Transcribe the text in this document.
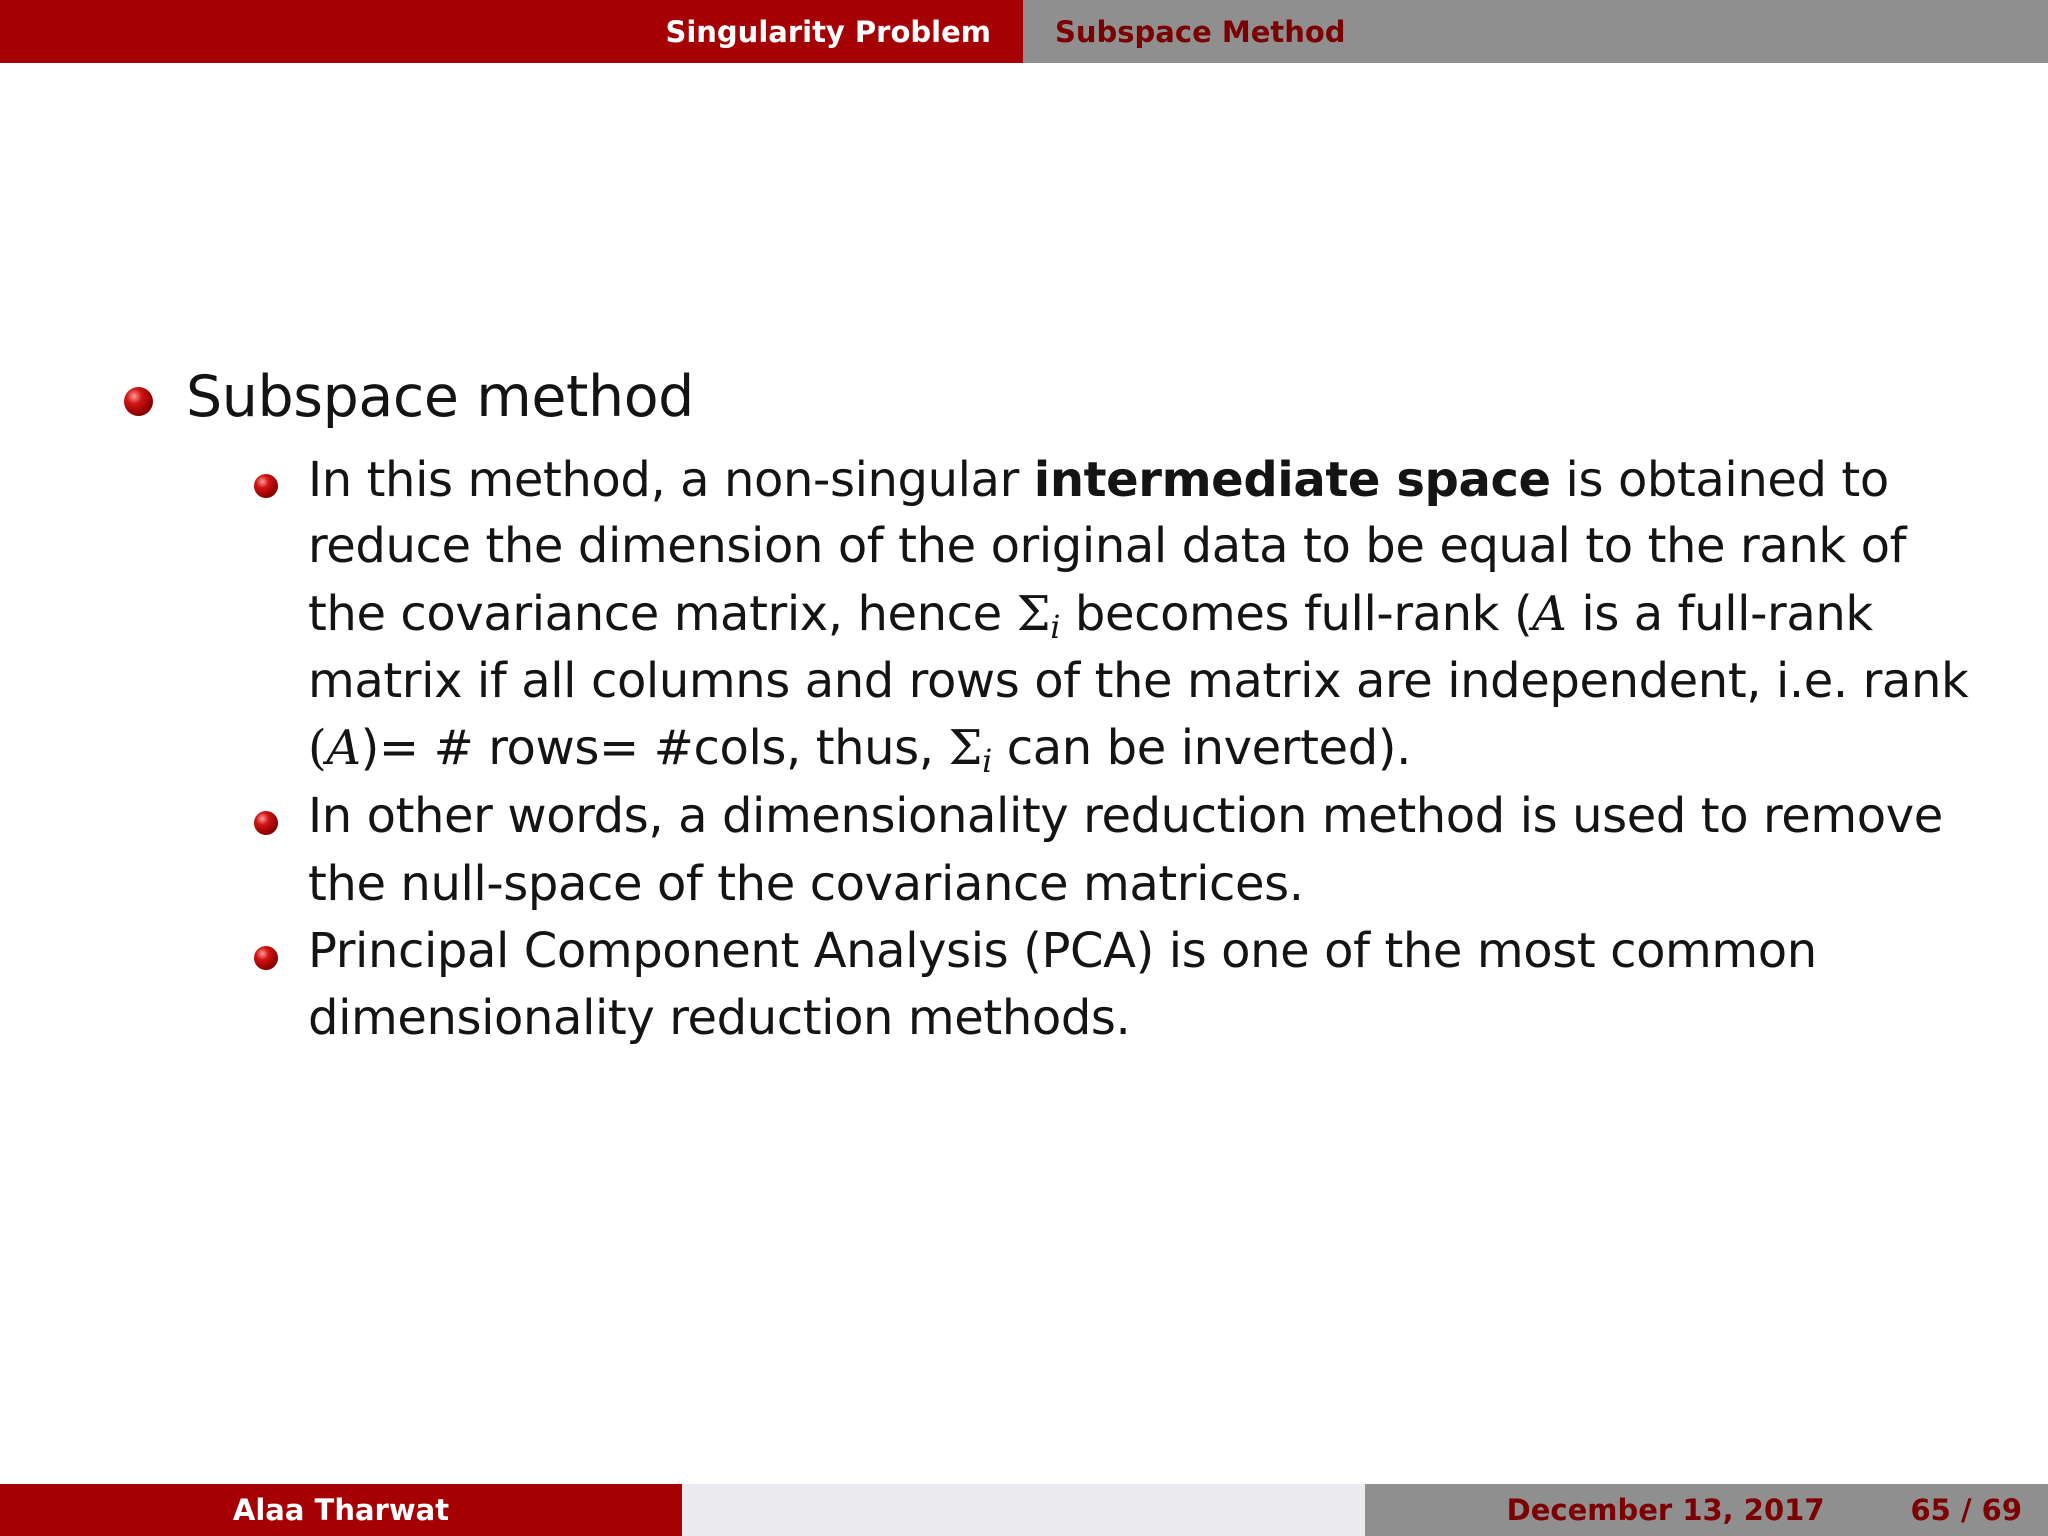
Singularity Problem Subspace Method
Subspace method
In this method, a non-singular intermediate space is obtained to
reduce the dimension of the original data to be equal to the rank of
the covariance matrix, hence $\Sigma_i$ becomes full-rank (A is a full-rank
matrix if all columns and rows of the matrix are independent, i.e. rank
(A)= # rows= #cols, thus, $\Sigma_i$ can be inverted).
In other words, a dimensionality reduction method is used to remove
the null-space of the covariance matrices.
Principal Component Analysis (PCA) is one of the most common
dimensionality reduction methods.
Alaa Tharwat	December 13, 2017	65 / 69
